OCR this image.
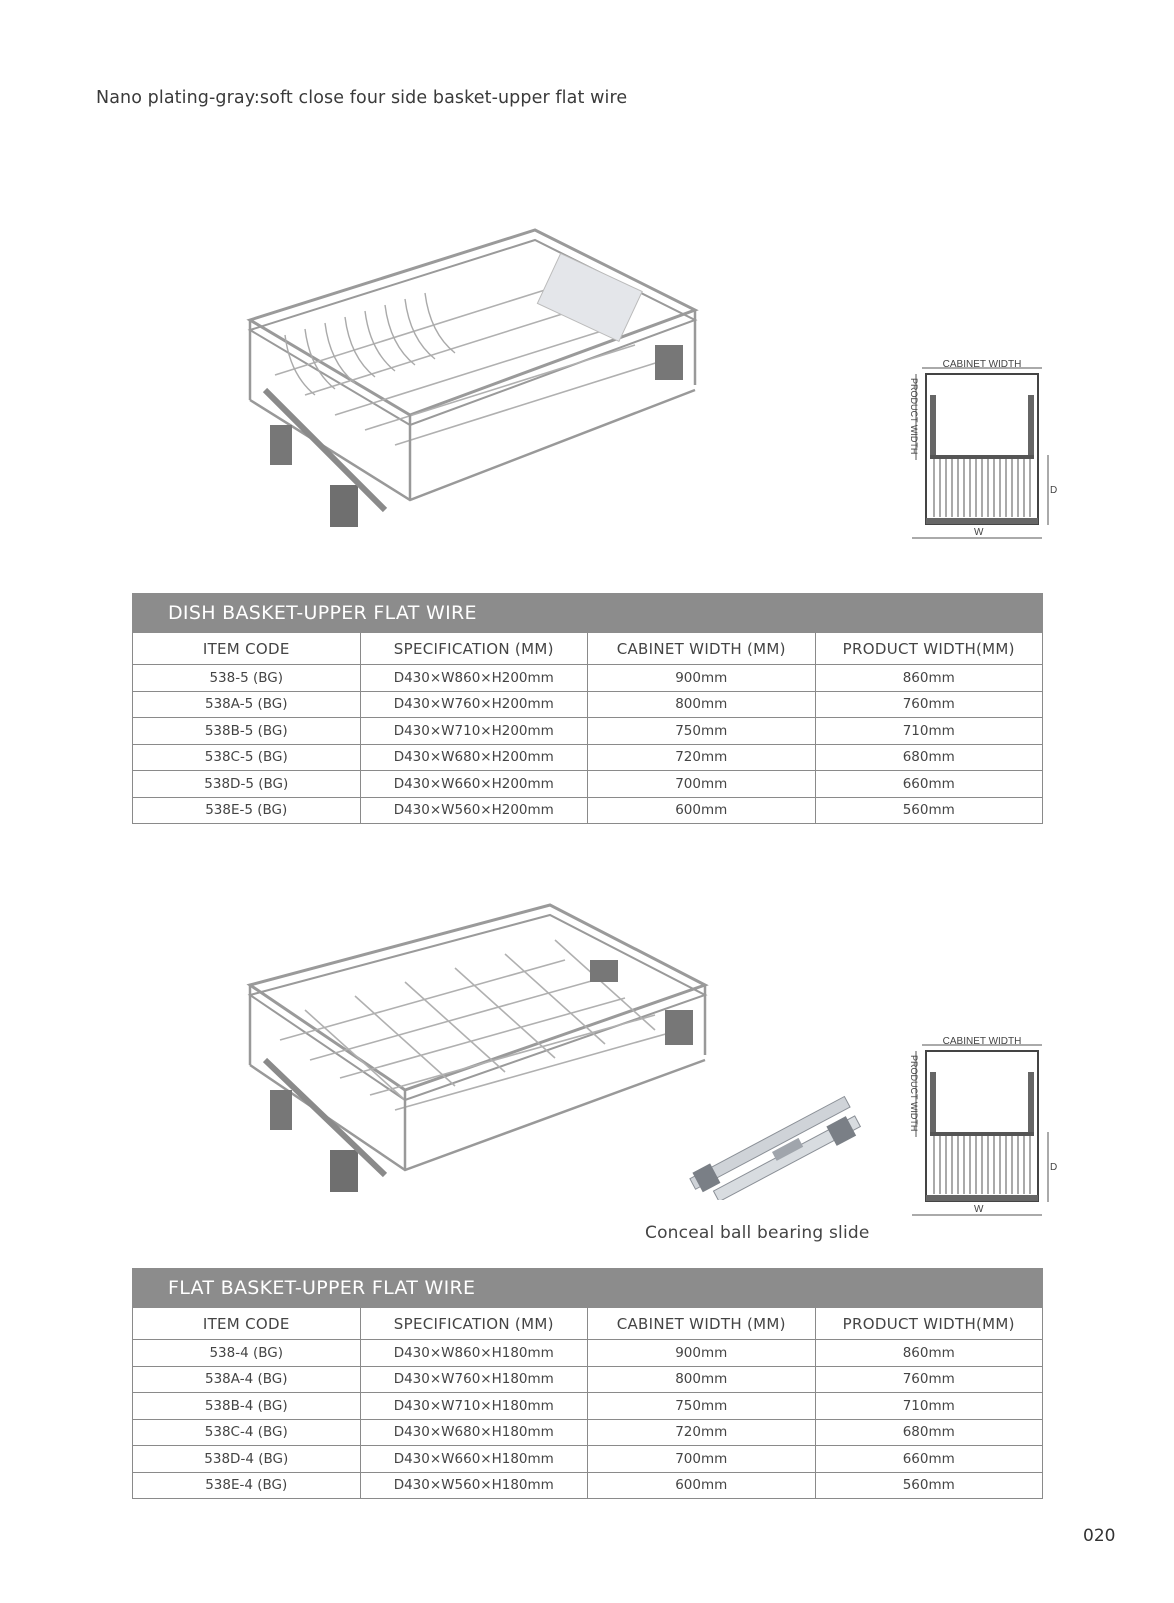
Nano plating-gray:soft close four side basket-upper flat wire
CABINET WIDTH
PRODUCT WIDTH
D
W
DISH BASKET-UPPER FLAT WIRE			
ITEM CODE	SPECIFICATION (MM)	CABINET WIDTH (MM)	PRODUCT WIDTH(MM)
538-5 (BG)	D430×W860×H200mm	900mm	860mm
538A-5 (BG)	D430×W760×H200mm	800mm	760mm
538B-5 (BG)	D430×W710×H200mm	750mm	710mm
538C-5 (BG)	D430×W680×H200mm	720mm	680mm
538D-5 (BG)	D430×W660×H200mm	700mm	660mm
538E-5 (BG)	D430×W560×H200mm	600mm	560mm
Conceal ball bearing slide
CABINET WIDTH
PRODUCT WIDTH
D
W
FLAT BASKET-UPPER FLAT WIRE			
ITEM CODE	SPECIFICATION (MM)	CABINET WIDTH (MM)	PRODUCT WIDTH(MM)
538-4 (BG)	D430×W860×H180mm	900mm	860mm
538A-4 (BG)	D430×W760×H180mm	800mm	760mm
538B-4 (BG)	D430×W710×H180mm	750mm	710mm
538C-4 (BG)	D430×W680×H180mm	720mm	680mm
538D-4 (BG)	D430×W660×H180mm	700mm	660mm
538E-4 (BG)	D430×W560×H180mm	600mm	560mm
020
